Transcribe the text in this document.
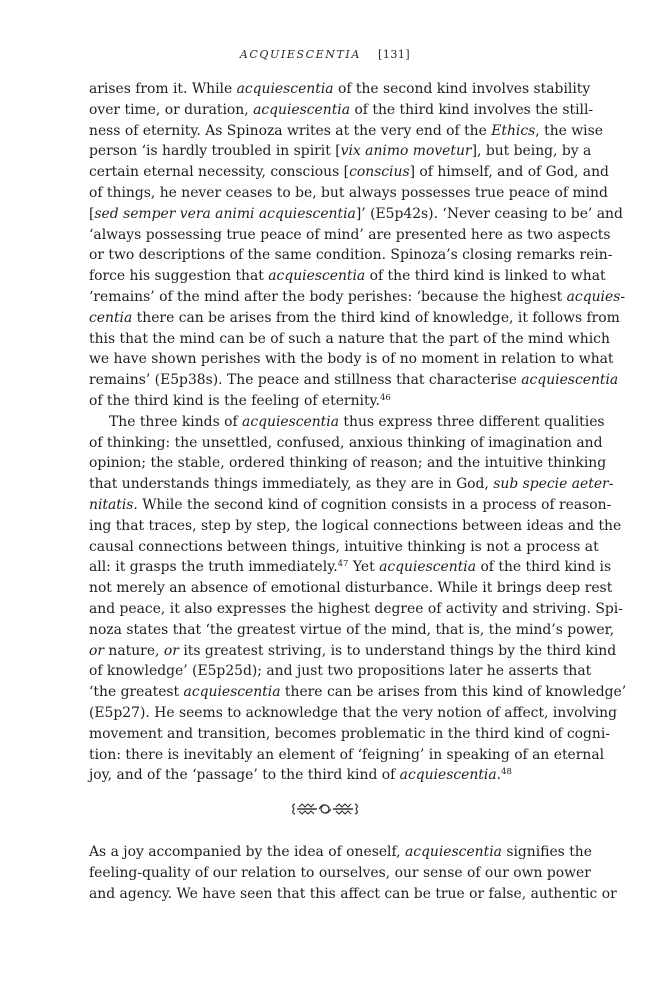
ACQUIESCENTIA [131]
arises from it. While acquiescentia of the second kind involves stability
over time, or duration, acquiescentia of the third kind involves the still-
ness of eternity. As Spinoza writes at the very end of the Ethics, the wise
person ‘is hardly troubled in spirit [vix animo movetur], but being, by a
certain eternal necessity, conscious [conscius] of himself, and of God, and
of things, he never ceases to be, but always possesses true peace of mind
[sed semper vera animi acquiescentia]’ (E5p42s). ‘Never ceasing to be’ and
‘always possessing true peace of mind’ are presented here as two aspects
or two descriptions of the same condition. Spinoza’s closing remarks rein-
force his suggestion that acquiescentia of the third kind is linked to what
‘remains’ of the mind after the body perishes: ‘because the highest acquies-
centia there can be arises from the third kind of knowledge, it follows from
this that the mind can be of such a nature that the part of the mind which
we have shown perishes with the body is of no moment in relation to what
remains’ (E5p38s). The peace and stillness that characterise acquiescentia
of the third kind is the feeling of eternity.$^{46}$
The three kinds of acquiescentia thus express three different qualities
of thinking: the unsettled, confused, anxious thinking of imagination and
opinion; the stable, ordered thinking of reason; and the intuitive thinking
that understands things immediately, as they are in God, sub specie aeter-
nitatis. While the second kind of cognition consists in a process of reason-
ing that traces, step by step, the logical connections between ideas and the
causal connections between things, intuitive thinking is not a process at
all: it grasps the truth immediately.$^{47}$ Yet acquiescentia of the third kind is
not merely an absence of emotional disturbance. While it brings deep rest
and peace, it also expresses the highest degree of activity and striving. Spi-
noza states that ‘the greatest virtue of the mind, that is, the mind’s power,
or nature, or its greatest striving, is to understand things by the third kind
of knowledge’ (E5p25d); and just two propositions later he asserts that
‘the greatest acquiescentia there can be arises from this kind of knowledge’
(E5p27). He seems to acknowledge that the very notion of affect, involving
movement and transition, becomes problematic in the third kind of cogni-
tion: there is inevitably an element of ‘feigning’ in speaking of an eternal
joy, and of the ‘passage’ to the third kind of acquiescentia.$^{48}$
As a joy accompanied by the idea of oneself, acquiescentia signifies the
feeling-quality of our relation to ourselves, our sense of our own power
and agency. We have seen that this affect can be true or false, authentic or
